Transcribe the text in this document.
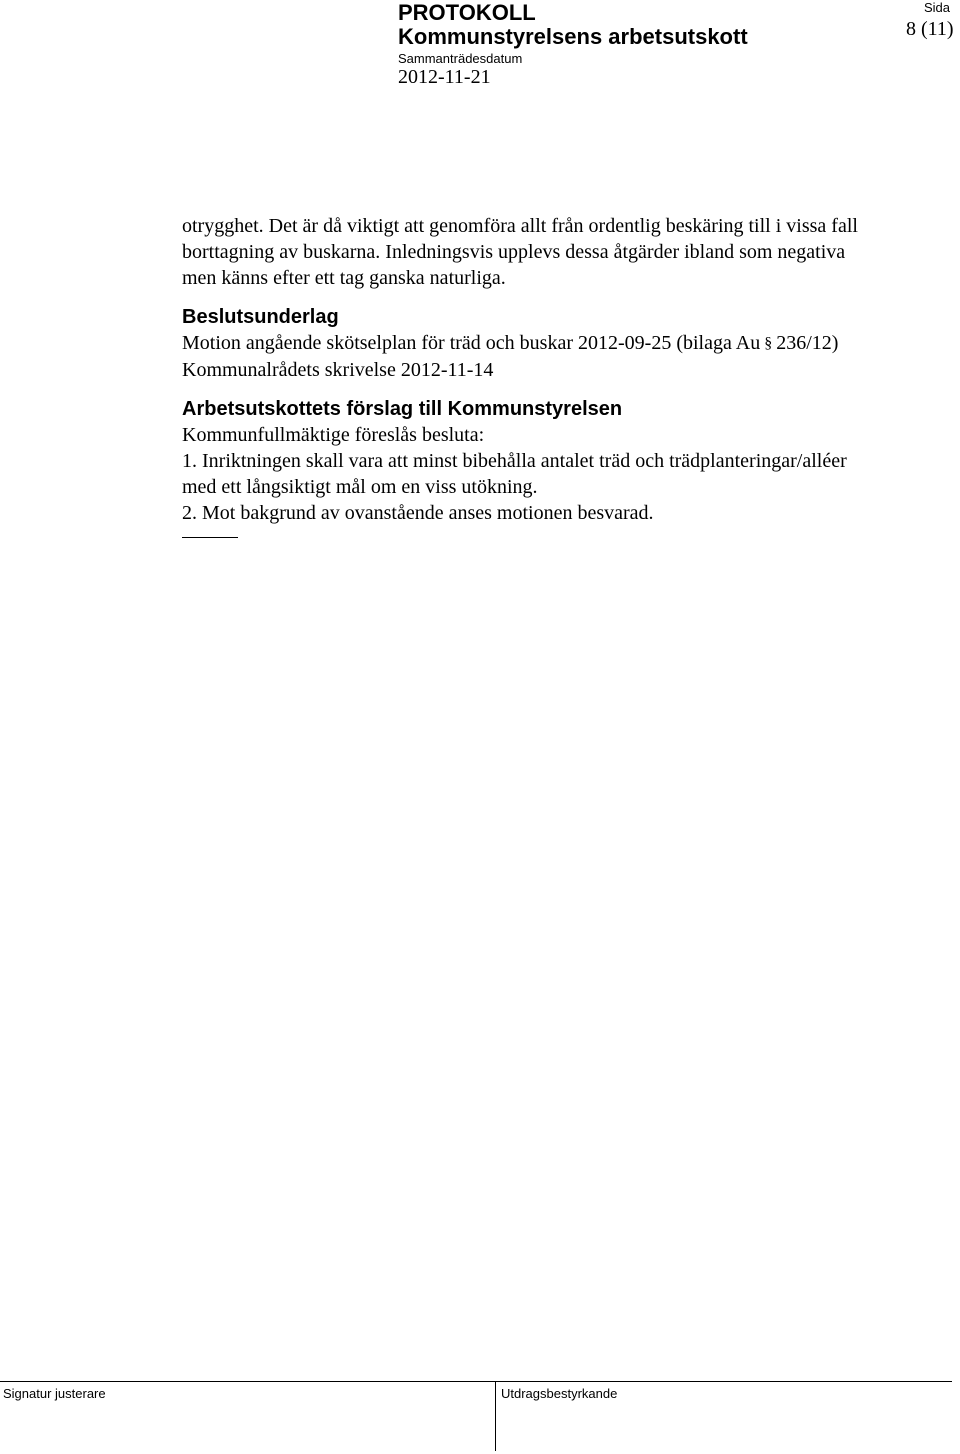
PROTOKOLL
Kommunstyrelsens arbetsutskott
Sammanträdesdatum
2012-11-21
Sida
8 (11)

otrygghet. Det är då viktigt att genomföra allt från ordentlig beskäring till i vissa fall

borttagning av buskarna. Inledningsvis upplevs dessa åtgärder ibland som negativa

men känns efter ett tag ganska naturliga.

Beslutsunderlag

Motion angående skötselplan för träd och buskar 2012-09-25 (bilaga Au § 236/12)

Kommunalrådets skrivelse 2012-11-14

Arbetsutskottets förslag till Kommunstyrelsen

Kommunfullmäktige föreslås besluta:

1. Inriktningen skall vara att minst bibehålla antalet träd och trädplanteringar/alléer

med ett långsiktigt mål om en viss utökning.

2. Mot bakgrund av ovanstående anses motionen besvarad.

Signatur justerare	Utdragsbestyrkande
